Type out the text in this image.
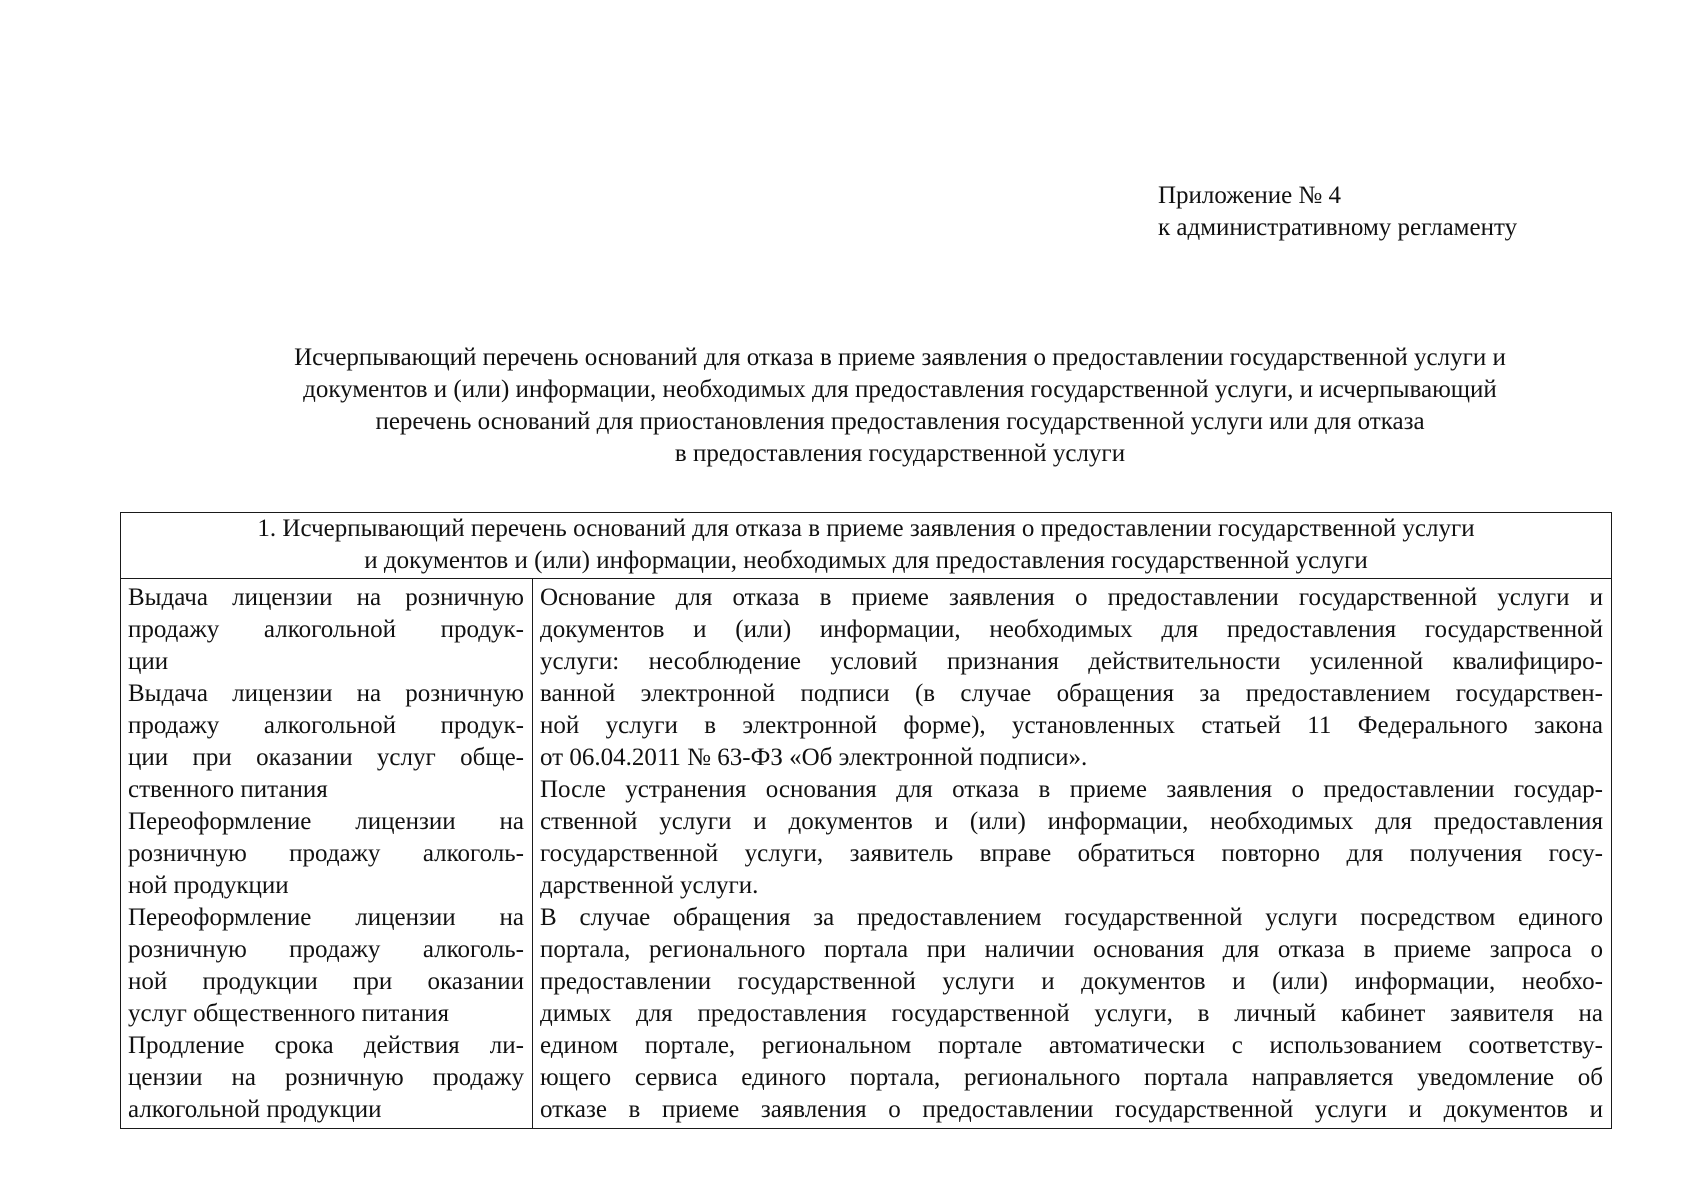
Приложение № 4
к административному регламенту
Исчерпывающий перечень оснований для отказа в приеме заявления о предоставлении государственной услуги и
документов и (или) информации, необходимых для предоставления государственной услуги, и исчерпывающий
перечень оснований для приостановления предоставления государственной услуги или для отказа
в предоставления государственной услуги
1. Исчерпывающий перечень оснований для отказа в приеме заявления о предоставлении государственной услуги
и документов и (или) информации, необходимых для предоставления государственной услуги
Выдача лицензии на розничную
продажу алкогольной продук-
ции
Выдача лицензии на розничную
продажу алкогольной продук-
ции при оказании услуг обще-
ственного питания
Переоформление лицензии на
розничную продажу алкоголь-
ной продукции
Переоформление лицензии на
розничную продажу алкоголь-
ной продукции при оказании
услуг общественного питания
Продление срока действия ли-
цензии на розничную продажу
алкогольной продукции
Основание для отказа в приеме заявления о предоставлении государственной услуги и
документов и (или) информации, необходимых для предоставления государственной
услуги: несоблюдение условий признания действительности усиленной квалифициро-
ванной электронной подписи (в случае обращения за предоставлением государствен-
ной услуги в электронной форме), установленных статьей 11 Федерального закона
от 06.04.2011 № 63-ФЗ «Об электронной подписи».
После устранения основания для отказа в приеме заявления о предоставлении государ-
ственной услуги и документов и (или) информации, необходимых для предоставления
государственной услуги, заявитель вправе обратиться повторно для получения госу-
дарственной услуги.
В случае обращения за предоставлением государственной услуги посредством единого
портала, регионального портала при наличии основания для отказа в приеме запроса о
предоставлении государственной услуги и документов и (или) информации, необхо-
димых для предоставления государственной услуги, в личный кабинет заявителя на
едином портале, региональном портале автоматически с использованием соответству-
ющего сервиса единого портала, регионального портала направляется уведомление об
отказе в приеме заявления о предоставлении государственной услуги и документов и
